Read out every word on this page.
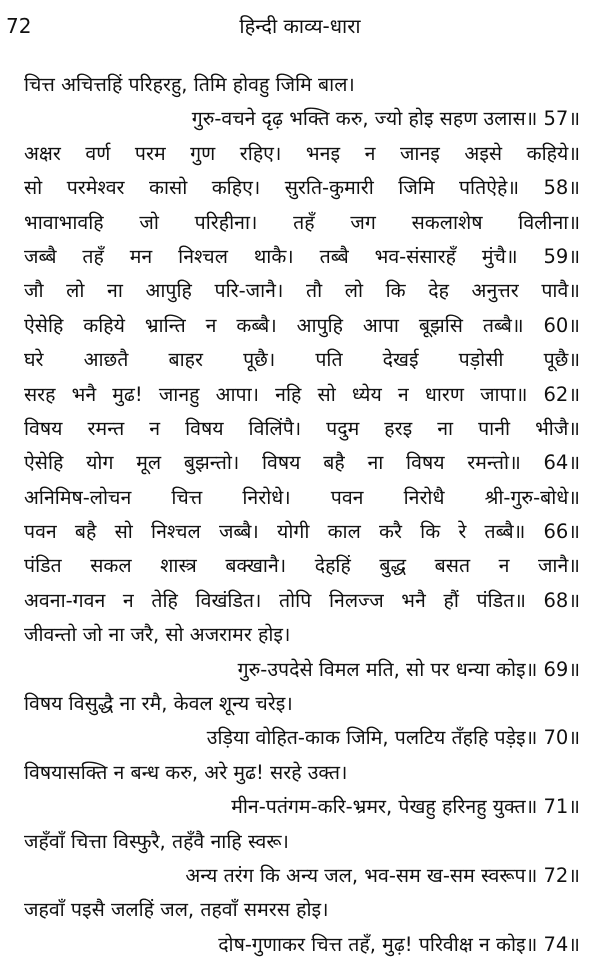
72	हिन्दी काव्य-धारा
चित्त अचित्तहिं परिहरहु, तिमि होवहु जिमि बाल।
गुरु-वचने दृढ़ भक्ति करु, ज्यो होइ सहण उलास॥ 57॥
अक्षर वर्ण परम गुण रहिए। भनइ न जानइ अइसे कहिये॥
सो परमेश्वर कासो कहिए। सुरति-कुमारी जिमि पतिऐहे॥ 58॥
भावाभावहि जो परिहीना। तहँ जग सकलाशेष विलीना॥
जब्बै तहँ मन निश्चल थाकै। तब्बै भव-संसारहँ मुंचै॥ 59॥
जौ लो ना आपुहि परि-जानै। तौ लो कि देह अनुत्तर पावै॥
ऐसेहि कहिये भ्रान्ति न कब्बै। आपुहि आपा बूझसि तब्बै॥ 60॥
घरे आछतै बाहर पूछै। पति देखई पड़ोसी पूछै॥
सरह भनै मुढ! जानहु आपा। नहि सो ध्येय न धारण जापा॥ 62॥
विषय रमन्त न विषय विलिंपै। पदुम हरइ ना पानी भीजै॥
ऐसेहि योग मूल बुझन्तो। विषय बहै ना विषय रमन्तो॥ 64॥
अनिमिष-लोचन चित्त निरोधे। पवन निरोधै श्री-गुरु-बोधे॥
पवन बहै सो निश्चल जब्बै। योगी काल करै कि रे तब्बै॥ 66॥
पंडित सकल शास्त्र बक्खानै। देहहिं बुद्ध बसत न जानै॥
अवना-गवन न तेहि विखंडित। तोपि निलज्ज भनै हौं पंडित॥ 68॥
जीवन्तो जो ना जरै, सो अजरामर होइ।
गुरु-उपदेसे विमल मति, सो पर धन्या कोइ॥ 69॥
विषय विसुद्धै ना रमै, केवल शून्य चरेइ।
उड़िया वोहित-काक जिमि, पलटिय तँहहि पड़ेइ॥ 70॥
विषयासक्ति न बन्ध करु, अरे मुढ! सरहे उक्त।
मीन-पतंगम-करि-भ्रमर, पेखहु हरिनहु युक्त॥ 71॥
जहँवाँ चित्ता विस्फुरै, तहँवै नाहि स्वरू।
अन्य तरंग कि अन्य जल, भव-सम ख-सम स्वरूप॥ 72॥
जहवाँ पइसै जलहिं जल, तहवाँ समरस होइ।
दोष-गुणाकर चित्त तहँ, मुढ़! परिवीक्ष न कोइ॥ 74॥
